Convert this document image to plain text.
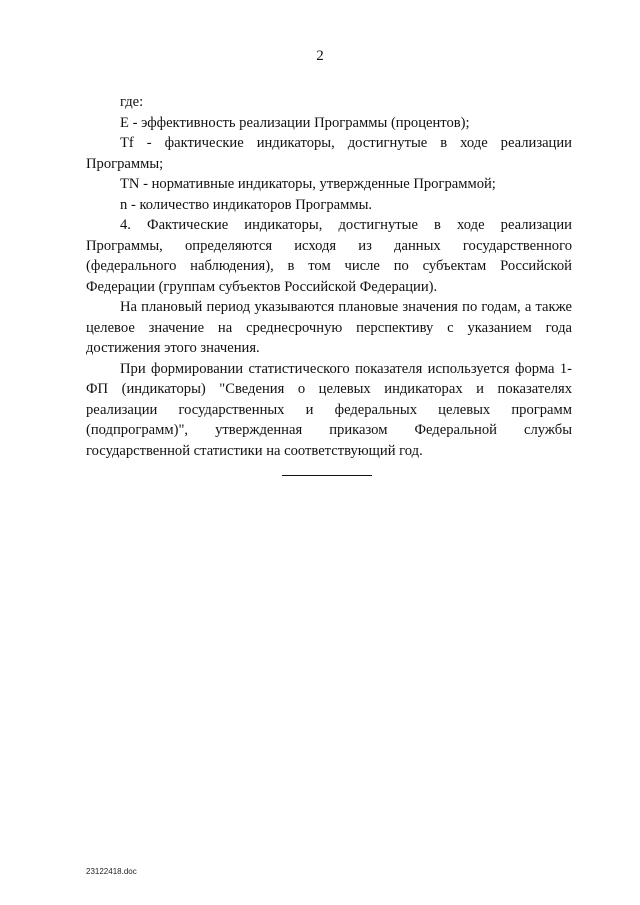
2

где:

E - эффективность реализации Программы (процентов);

Tf - фактические индикаторы, достигнутые в ходе реализации Программы;

TN - нормативные индикаторы, утвержденные Программой;

n - количество индикаторов Программы.

4. Фактические индикаторы, достигнутые в ходе реализации Программы, определяются исходя из данных государственного (федерального наблюдения), в том числе по субъектам Российской Федерации (группам субъектов Российской Федерации).

На плановый период указываются плановые значения по годам, а также целевое значение на среднесрочную перспективу с указанием года достижения этого значения.

При формировании статистического показателя используется форма 1-ФП (индикаторы) "Сведения о целевых индикаторах и показателях реализации государственных и федеральных целевых программ (подпрограмм)", утвержденная приказом Федеральной службы государственной статистики на соответствующий год.

23122418.doc
